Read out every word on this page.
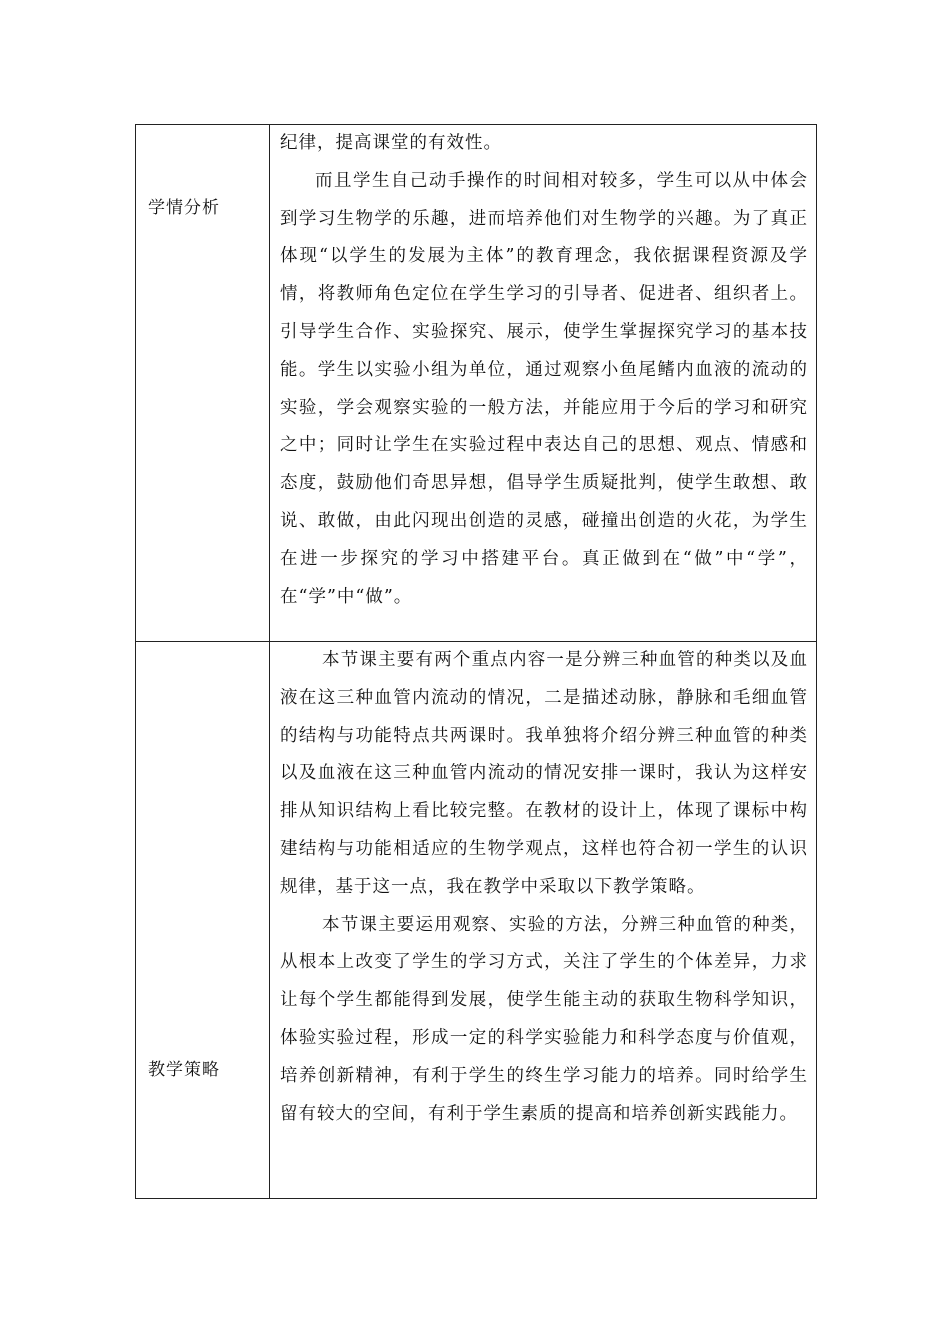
学情分析	纪律，提高课堂的有效性。

而且学生自己动手操作的时间相对较多，学生可以从中体会到学习生物学的乐趣，进而培养他们对生物学的兴趣。为了真正体现“以学生的发展为主体”的教育理念，我依据课程资源及学情，将教师角色定位在学生学习的引导者、促进者、组织者上。引导学生合作、实验探究、展示，使学生掌握探究学习的基本技能。学生以实验小组为单位，通过观察小鱼尾鳍内血液的流动的实验，学会观察实验的一般方法，并能应用于今后的学习和研究之中；同时让学生在实验过程中表达自己的思想、观点、情感和态度，鼓励他们奇思异想，倡导学生质疑批判，使学生敢想、敢说、敢做，由此闪现出创造的灵感，碰撞出创造的火花，为学生在进一步探究的学习中搭建平台。真正做到在“做”中“学”，在“学”中“做”。

教学策略	本节课主要有两个重点内容一是分辨三种血管的种类以及血液在这三种血管内流动的情况，二是描述动脉，静脉和毛细血管的结构与功能特点共两课时。我单独将介绍分辨三种血管的种类以及血液在这三种血管内流动的情况安排一课时，我认为这样安排从知识结构上看比较完整。在教材的设计上，体现了课标中构建结构与功能相适应的生物学观点，这样也符合初一学生的认识规律，基于这一点，我在教学中采取以下教学策略。

本节课主要运用观察、实验的方法，分辨三种血管的种类，从根本上改变了学生的学习方式，关注了学生的个体差异，力求让每个学生都能得到发展，使学生能主动的获取生物科学知识，体验实验过程，形成一定的科学实验能力和科学态度与价值观，培养创新精神，有利于学生的终生学习能力的培养。同时给学生留有较大的空间，有利于学生素质的提高和培养创新实践能力。
